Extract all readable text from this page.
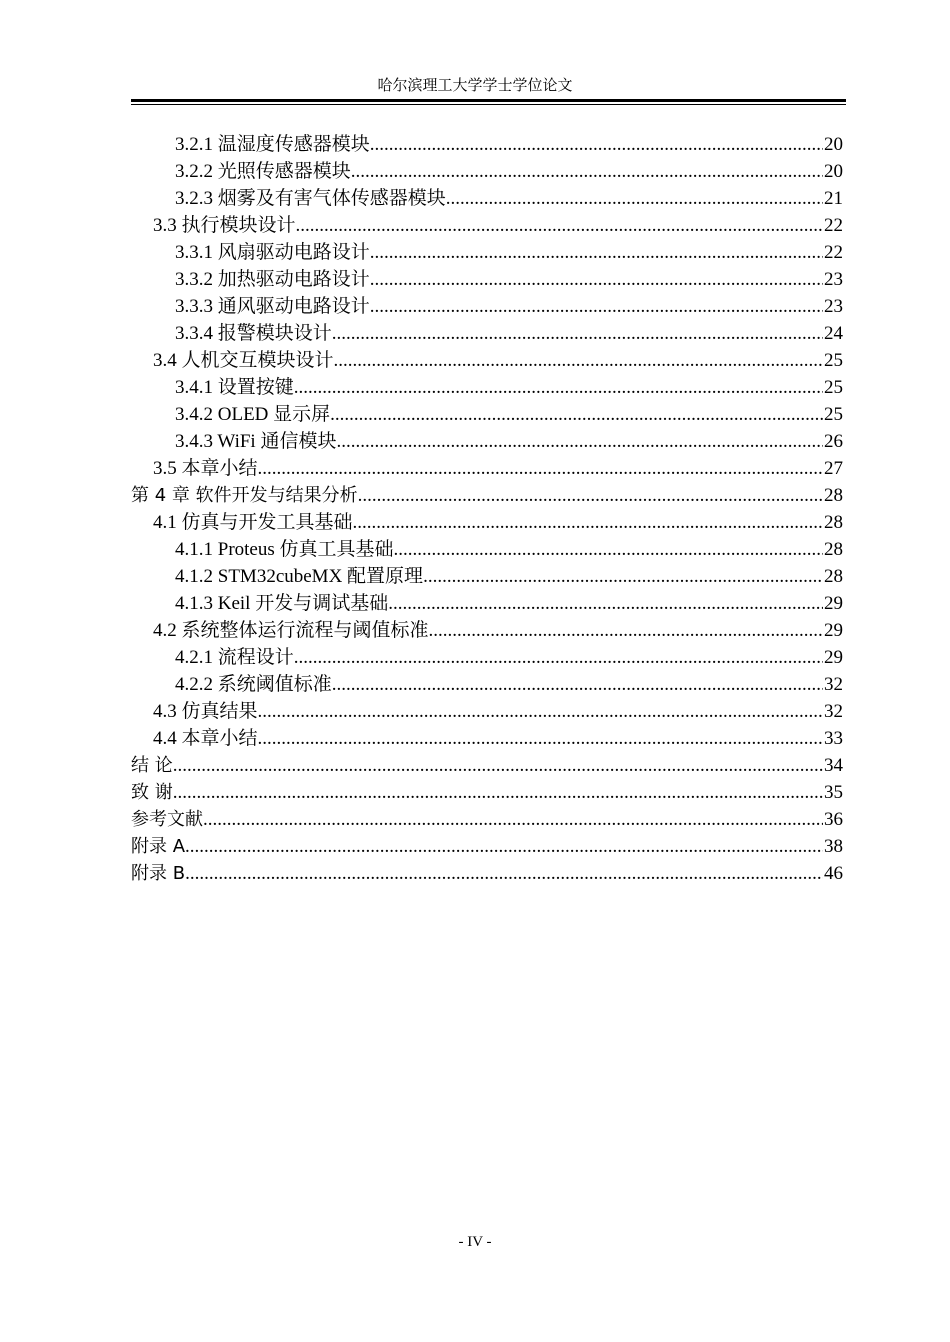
哈尔滨理工大学学士学位论文
3.2.1 温湿度传感器模块 .....	20
3.2.2 光照传感器模块 .....	20
3.2.3 烟雾及有害气体传感器模块 .....	21
3.3 执行模块设计 .....	22
3.3.1 风扇驱动电路设计 .....	22
3.3.2 加热驱动电路设计 .....	23
3.3.3 通风驱动电路设计 .....	23
3.3.4 报警模块设计 .....	24
3.4 人机交互模块设计 .....	25
3.4.1 设置按键 .....	25
3.4.2 OLED 显示屏 .....	25
3.4.3 WiFi 通信模块 .....	26
3.5 本章小结 .....	27
第 4 章 软件开发与结果分析 .....	28
4.1 仿真与开发工具基础 .....	28
4.1.1 Proteus 仿真工具基础 .....	28
4.1.2 STM32cubeMX 配置原理 .....	28
4.1.3 Keil 开发与调试基础 .....	29
4.2 系统整体运行流程与阈值标准 .....	29
4.2.1 流程设计 .....	29
4.2.2 系统阈值标准 .....	32
4.3 仿真结果 .....	32
4.4 本章小结 .....	33
结 论 .....	34
致 谢 .....	35
参考文献 .....	36
附录 A .....	38
附录 B .....	46
- IV -
